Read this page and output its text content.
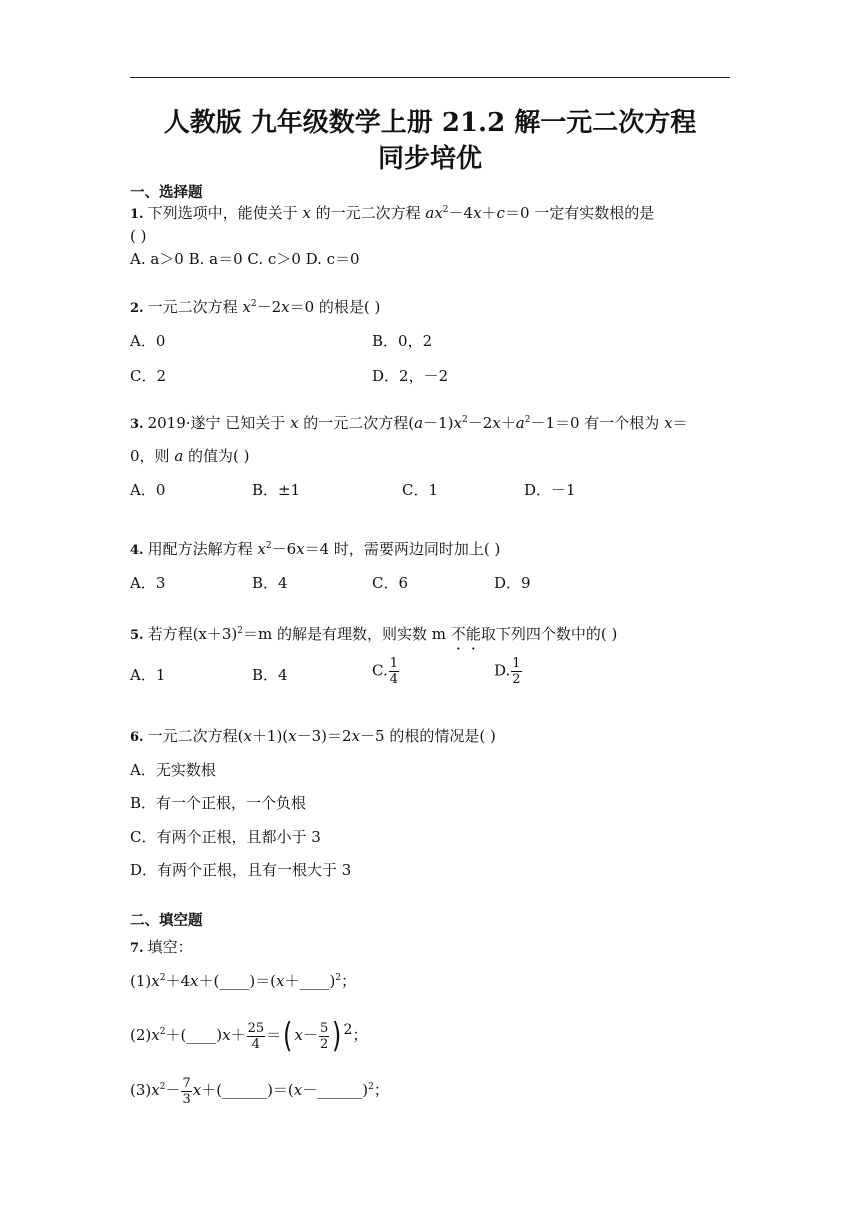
人教版 九年级数学上册 21.2 解一元二次方程
同步培优
一、选择题
1. 下列选项中，能使关于 x 的一元二次方程 $ax^2-4x+c=0$ 一定有实数根的是
( )
A. a＞0 B. a＝0 C. c＞0 D. c＝0
2. 一元二次方程 $x^2-2x=0$ 的根是( )
A．0	B．0，2
C．2	D．2，－2
3. 2019·遂宁 已知关于 x 的一元二次方程$(a-1)x^2-2x+a^2-1=0$ 有一个根为 x＝
0，则 a 的值为( )
A．0	B．±1	C．1	D．－1
4. 用配方法解方程 $x^2-6x=4$ 时，需要两边同时加上( )
A．3	B．4	C．6	D．9
5. 若方程$(x+3)^2=m$ 的解是有理数，则实数 m 不能取下列四个数中的( )
A．1	B．4	C. $\frac{1}{4}$	D. $\frac{1}{2}$
6. 一元二次方程(x＋1)(x－3)＝2x－5 的根的情况是( )
A．无实数根
B．有一个正根，一个负根
C．有两个正根，且都小于 3
D．有两个正根，且有一根大于 3
二、填空题
7. 填空：
$(1)x^2+4x+(\_\_\_\_)=(x+\_\_\_\_)^2$；
$(2)x^2+(\_\_\_\_)x+ \frac{25}{4}$ ＝( $x- \frac{5}{2}$ ) 2；
$(3)x^2- \frac{7}{3}$ x＋(______)＝(x－______)$^2$；
